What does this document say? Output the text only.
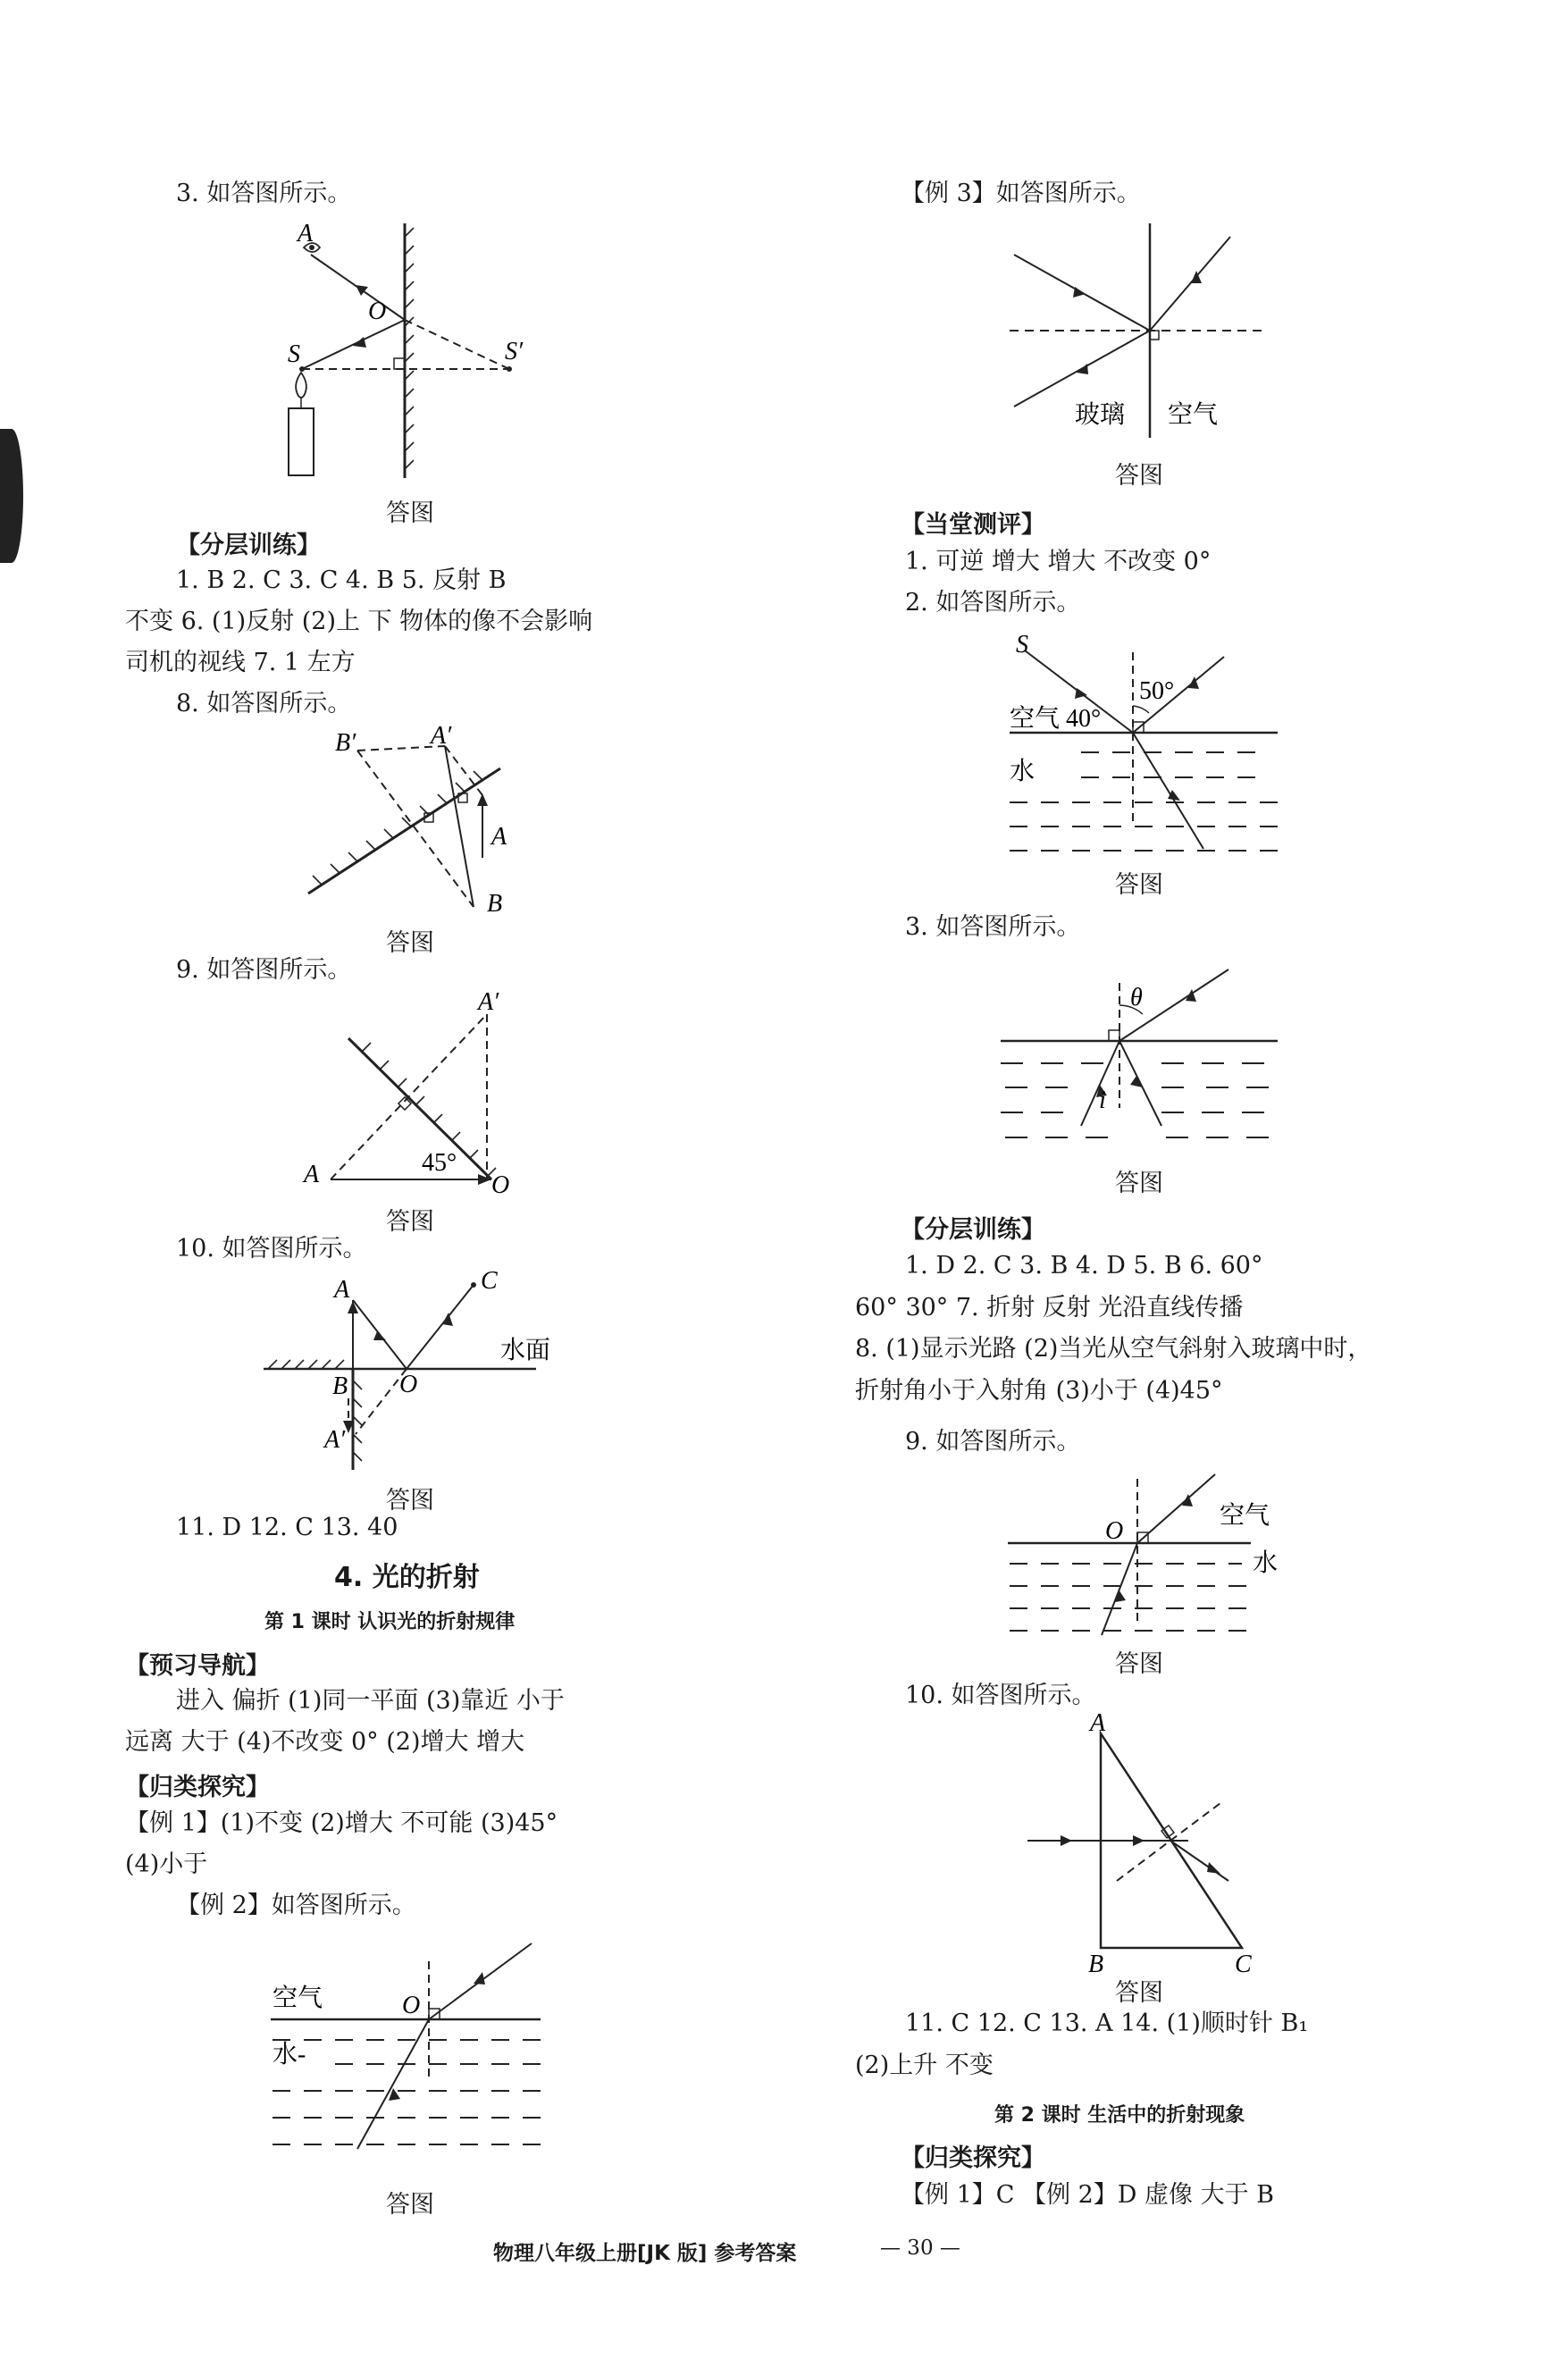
3. 如答图所示。
A
O
S	S′
答图
【分层训练】
1. B 2. C 3. C 4. B 5. 反射 B
不变 6. (1)反射 (2)上 下 物体的像不会影响
司机的视线 7. 1 左方
8. 如答图所示。
B′	A′
A
B
答图
9. 如答图所示。
A
A′
45°
O
答图
10. 如答图所示。
A	C
O
B
A′
水面
答图
11. D 12. C 13. 40
4. 光的折射
第 1 课时 认识光的折射规律
【预习导航】
进入 偏折 (1)同一平面 (3)靠近 小于
远离 大于 (4)不改变 0° (2)增大 增大
【归类探究】
【例 1】(1)不变 (2)增大 不可能 (3)45°
(4)小于
【例 2】如答图所示。
空气	O
水-
答图
【例 3】如答图所示。
玻璃 空气
答图
【当堂测评】
1. 可逆 增大 增大 不改变 0°
2. 如答图所示。
S
50°
空气 40°
水
答图
3. 如答图所示。
θ
i
答图
【分层训练】
1. D 2. C 3. B 4. D 5. B 6. 60°
60° 30° 7. 折射 反射 光沿直线传播
8. (1)显示光路 (2)当光从空气斜射入玻璃中时，
折射角小于入射角 (3)小于 (4)45°
9. 如答图所示。
O
空气
水
答图
10. 如答图所示。
A
B	C
答图
11. C 12. C 13. A 14. (1)顺时针 B₁
(2)上升 不变
第 2 课时 生活中的折射现象
【归类探究】
【例 1】C 【例 2】D 虚像 大于 B
物理八年级上册[JK 版] 参考答案	— 30 —
